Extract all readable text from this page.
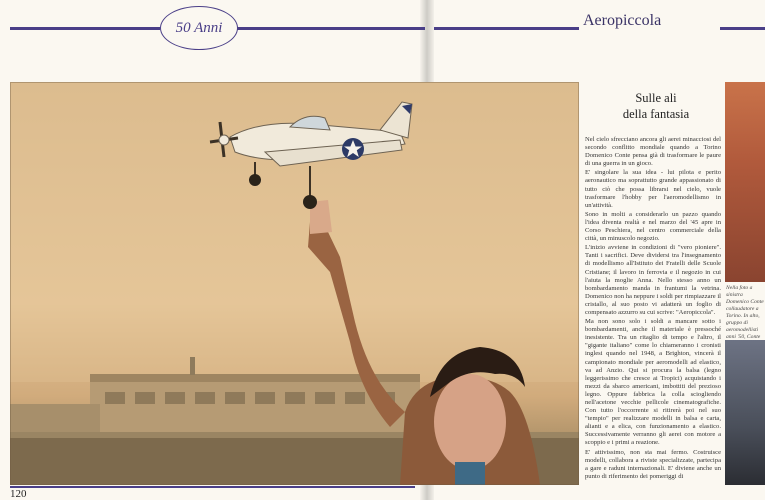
50 Anni	Aeropiccola
Sulle ali
della fantasia

Nel cielo sfrecciano ancora gli aerei minacciosi del secondo conflitto mondiale quando a Torino Domenico Conte pensa già di trasformare le paure di una guerra in un gioco.

E' singolare la sua idea - lui pilota e perito aeronautico ma soprattutto grande appassionato di tutto ciò che possa librarsi nel cielo, vuole trasformare l'hobby per l'aeromodellismo in un'attività.

Sono in molti a considerarlo un pazzo quando l'idea diventa realtà e nel marzo del '45 apre in Corso Peschiera, nel centro commerciale della città, un minuscolo negozio.

L'inizio avviene in condizioni di "vero pioniere". Tanti i sacrifici. Deve dividersi tra l'insegnamento di modellismo all'Istituto dei Fratelli delle Scuole Cristiane; il lavoro in ferrovia e il negozio in cui l'aiuta la moglie Anna. Nello stesso anno un bombardamento manda in frantumi la vetrina. Domenico non ha neppure i soldi per rimpiazzare il cristallo, al suo posto vi adatterà un foglio di compensato azzurro su cui scrive: "Aeropiccola".

Ma non sono solo i soldi a mancare sotto i bombardamenti, anche il materiale è pressoché inesistente. Tra un ritaglio di tempo e l'altro, il "gigante italiano" come lo chiameranno i cronisti inglesi quando nel 1948, a Brighton, vincerà il campionato mondiale per aeromodelli ad elastico, va ad Anzio. Qui si procura la balsa (legno leggerissimo che cresce ai Tropici) acquistando i mezzi da sbarco americani, imbottiti del prezioso legno. Oppure fabbrica la colla sciogliendo nell'acetone vecchie pellicole cinematografiche. Con tutto l'occorrente si ritirerà poi nel suo "tempio" per realizzare modelli in balsa e carta, alianti e a elica, con funzionamento a elastico. Successivamente verranno gli aerei con motore a scoppio e i primi a reazione.

E' attivissimo, non sta mai fermo. Costruisce modelli, collabora a riviste specializzate, partecipa a gare e raduni internazionali. E' diviene anche un punto di riferimento dei pomeriggi di

Nella foto a sinistra Domenico Conte collaudatore a Torino. In alto, gruppo di aeromodellisti anni '50, Conte
120
